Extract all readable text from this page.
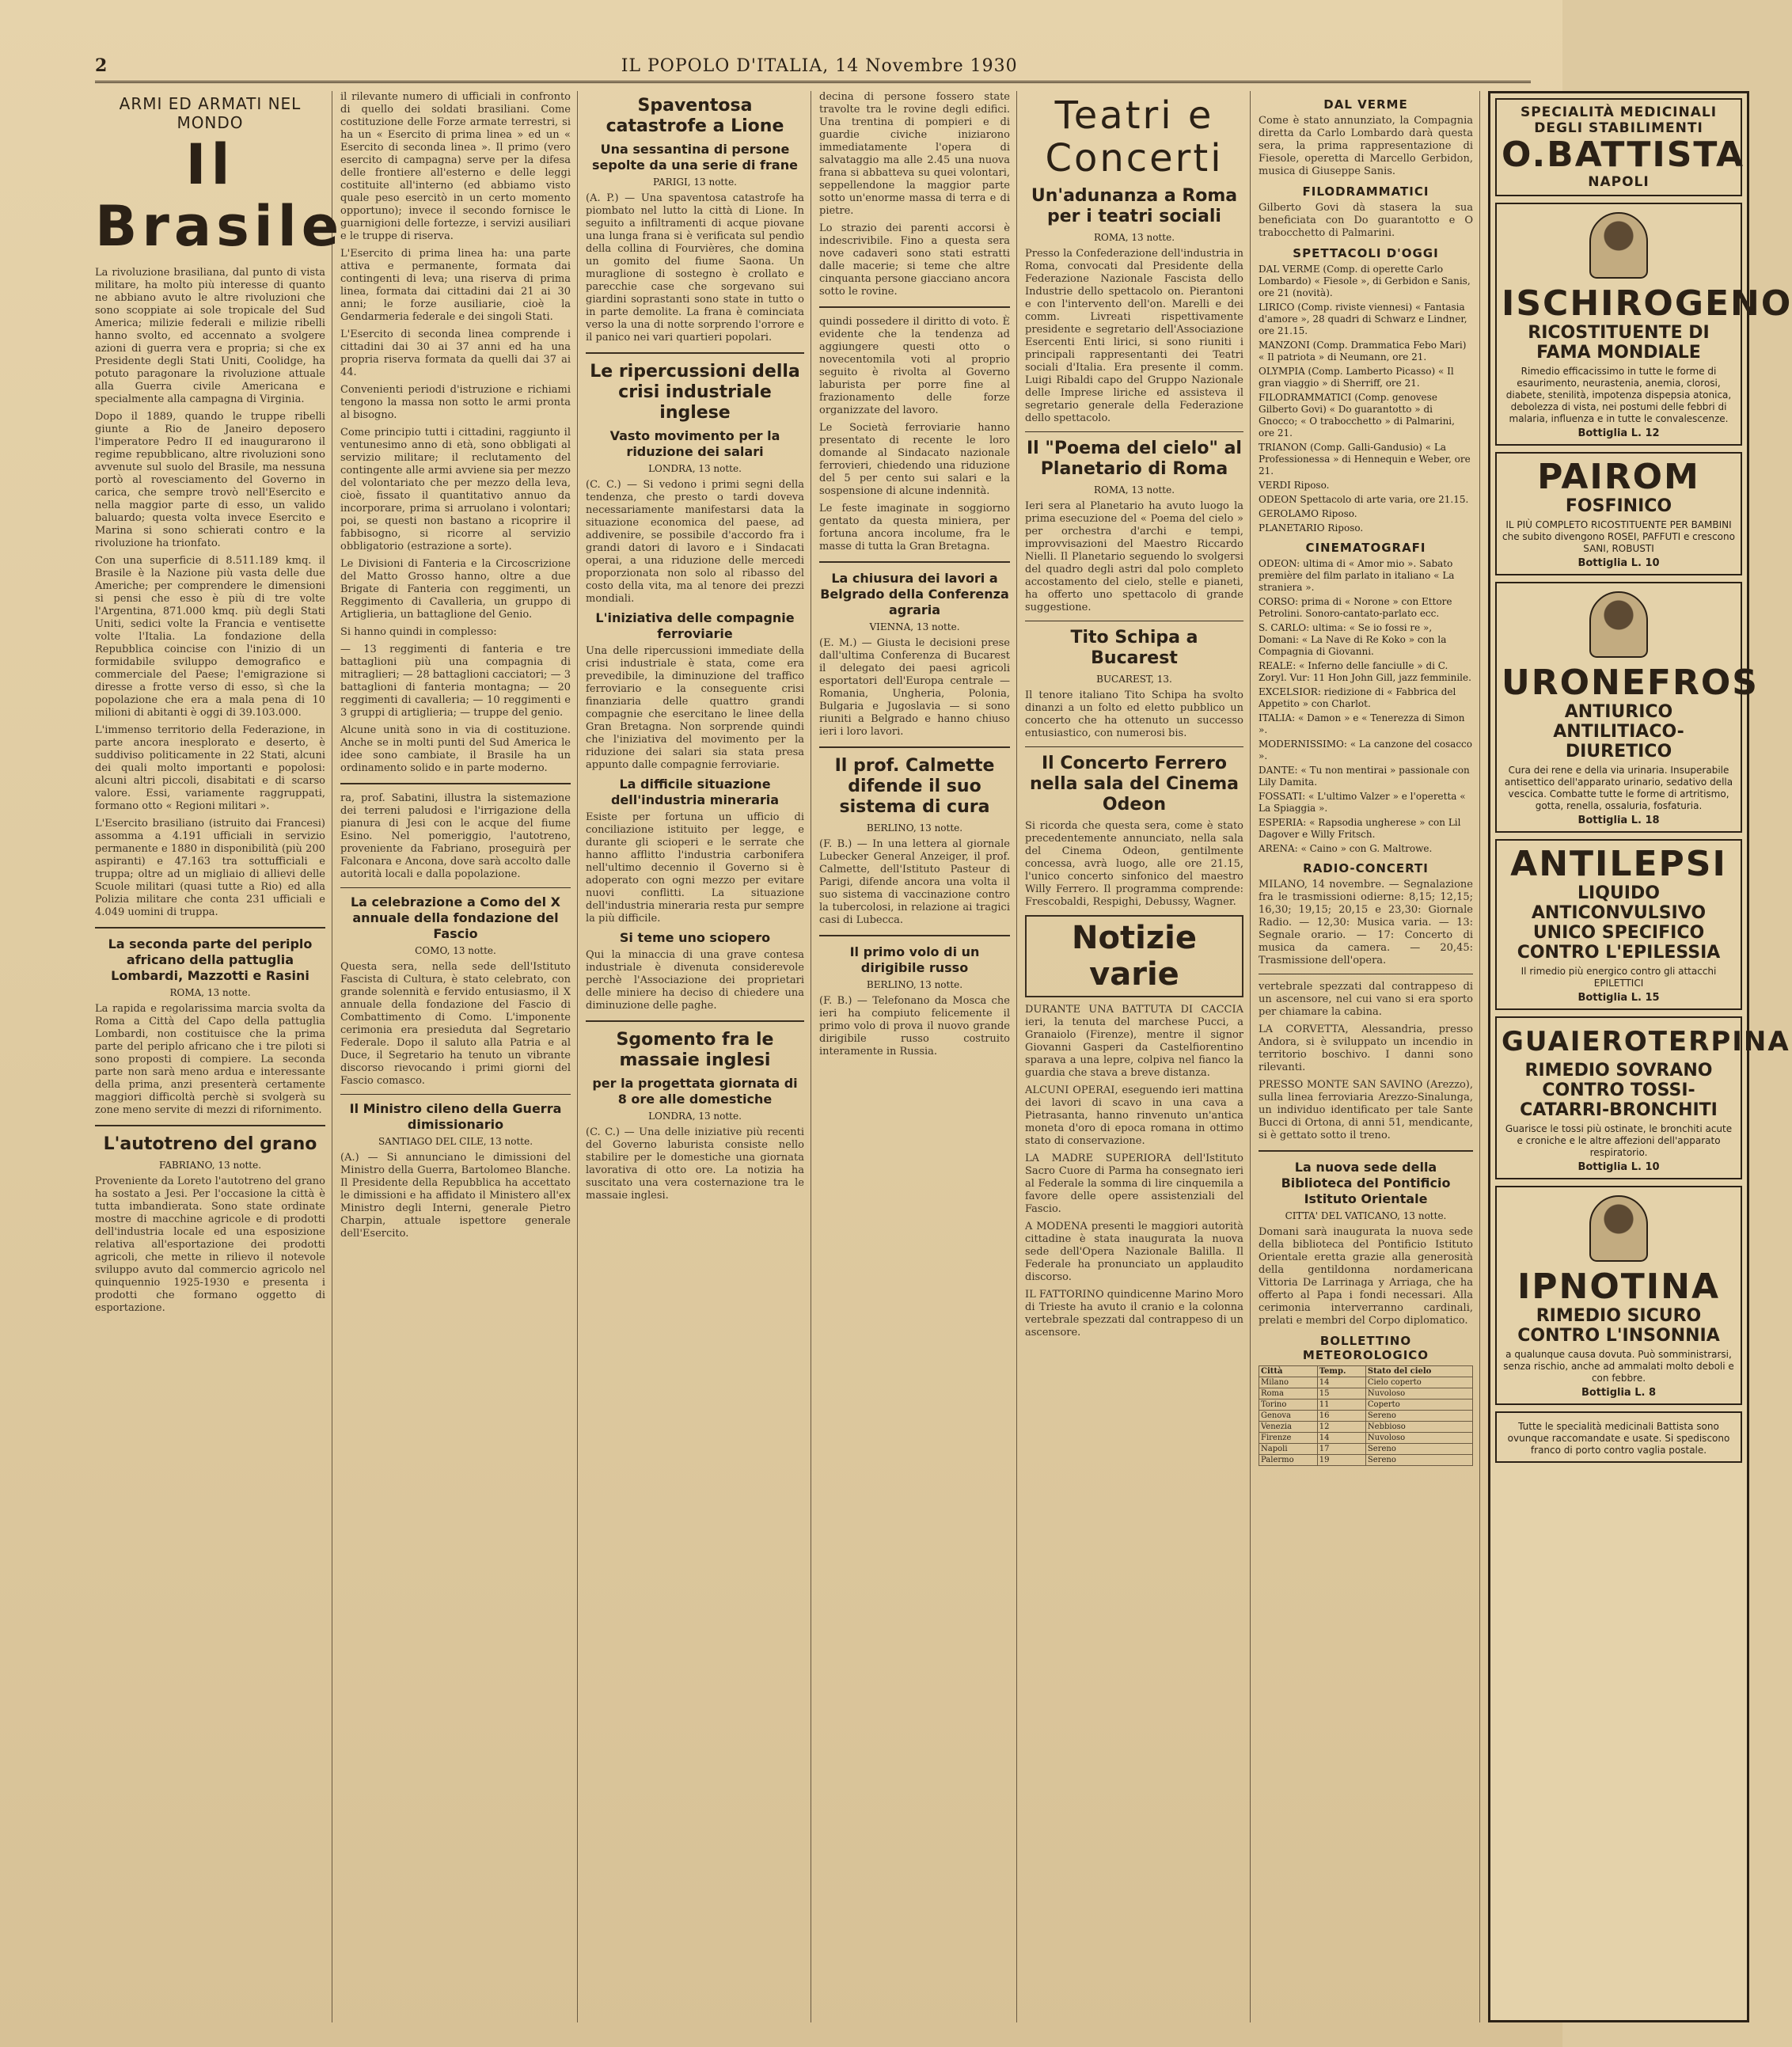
2	IL POPOLO D'ITALIA, 14 Novembre 1930
ARMI ED ARMATI NEL MONDO
Il Brasile

La rivoluzione brasiliana, dal punto di vista militare, ha molto più interesse di quanto ne abbiano avuto le altre rivoluzioni che sono scoppiate ai sole tropicale del Sud America; milizie federali e milizie ribelli hanno svolto, ed accennato a svolgere azioni di guerra vera e propria; si che ex Presidente degli Stati Uniti, Coolidge, ha potuto paragonare la rivoluzione attuale alla Guerra civile Americana e specialmente alla campagna di Virginia.

Dopo il 1889, quando le truppe ribelli giunte a Rio de Janeiro deposero l'imperatore Pedro II ed inaugurarono il regime repubblicano, altre rivoluzioni sono avvenute sul suolo del Brasile, ma nessuna portò al rovesciamento del Governo in carica, che sempre trovò nell'Esercito e nella maggior parte di esso, un valido baluardo; questa volta invece Esercito e Marina si sono schierati contro e la rivoluzione ha trionfato.

Con una superficie di 8.511.189 kmq. il Brasile è la Nazione più vasta delle due Americhe; per comprendere le dimensioni si pensi che esso è più di tre volte l'Argentina, 871.000 kmq. più degli Stati Uniti, sedici volte la Francia e ventisette volte l'Italia. La fondazione della Repubblica coincise con l'inizio di un formidabile sviluppo demografico e commerciale del Paese; l'emigrazione si diresse a frotte verso di esso, sì che la popolazione che era a mala pena di 10 milioni di abitanti è oggi di 39.103.000.

L'immenso territorio della Federazione, in parte ancora inesplorato e deserto, è suddiviso politicamente in 22 Stati, alcuni dei quali molto importanti e popolosi: alcuni altri piccoli, disabitati e di scarso valore. Essi, variamente raggruppati, formano otto « Regioni militari ».

L'Esercito brasiliano (istruito dai Francesi) assomma a 4.191 ufficiali in servizio permanente e 1880 in disponibilità (più 200 aspiranti) e 47.163 tra sottufficiali e truppa; oltre ad un migliaio di allievi delle Scuole militari (quasi tutte a Rio) ed alla Polizia militare che conta 231 ufficiali e 4.049 uomini di truppa.

La seconda parte del periplo africano della pattuglia Lombardi, Mazzotti e Rasini
ROMA, 13 notte.

La rapida e regolarissima marcia svolta da Roma a Città del Capo della pattuglia Lombardi, non costituisce che la prima parte del periplo africano che i tre piloti si sono proposti di compiere. La seconda parte non sarà meno ardua e interessante della prima, anzi presenterà certamente maggiori difficoltà perchè si svolgerà su zone meno servite di mezzi di rifornimento.

L'autotreno del grano
FABRIANO, 13 notte.

Proveniente da Loreto l'autotreno del grano ha sostato a Jesi. Per l'occasione la città è tutta imbandierata. Sono state ordinate mostre di macchine agricole e di prodotti dell'industria locale ed una esposizione relativa all'esportazione dei prodotti agricoli, che mette in rilievo il notevole sviluppo avuto dal commercio agricolo nel quinquennio 1925-1930 e presenta i prodotti che formano oggetto di esportazione.

il rilevante numero di ufficiali in confronto di quello dei soldati brasiliani. Come costituzione delle Forze armate terrestri, si ha un « Esercito di prima linea » ed un « Esercito di seconda linea ». Il primo (vero esercito di campagna) serve per la difesa delle frontiere all'esterno e delle leggi costituite all'interno (ed abbiamo visto quale peso esercitò in un certo momento opportuno); invece il secondo fornisce le guarnigioni delle fortezze, i servizi ausiliari e le truppe di riserva.

L'Esercito di prima linea ha: una parte attiva e permanente, formata dai contingenti di leva; una riserva di prima linea, formata dai cittadini dai 21 ai 30 anni; le forze ausiliarie, cioè la Gendarmeria federale e dei singoli Stati.

L'Esercito di seconda linea comprende i cittadini dai 30 ai 37 anni ed ha una propria riserva formata da quelli dai 37 ai 44.

Convenienti periodi d'istruzione e richiami tengono la massa non sotto le armi pronta al bisogno.

Come principio tutti i cittadini, raggiunto il ventunesimo anno di età, sono obbligati al servizio militare; il reclutamento del contingente alle armi avviene sia per mezzo del volontariato che per mezzo della leva, cioè, fissato il quantitativo annuo da incorporare, prima si arruolano i volontari; poi, se questi non bastano a ricoprire il fabbisogno, si ricorre al servizio obbligatorio (estrazione a sorte).

Le Divisioni di Fanteria e la Circoscrizione del Matto Grosso hanno, oltre a due Brigate di Fanteria con reggimenti, un Reggimento di Cavalleria, un gruppo di Artiglieria, un battaglione del Genio.

Si hanno quindi in complesso:

— 13 reggimenti di fanteria e tre battaglioni più una compagnia di mitraglieri; — 28 battaglioni cacciatori; — 3 battaglioni di fanteria montagna; — 20 reggimenti di cavalleria; — 10 reggimenti e 3 gruppi di artiglieria; — truppe del genio.

Alcune unità sono in via di costituzione. Anche se in molti punti del Sud America le idee sono cambiate, il Brasile ha un ordinamento solido e in parte moderno.

ra, prof. Sabatini, illustra la sistemazione dei terreni paludosi e l'irrigazione della pianura di Jesi con le acque del fiume Esino. Nel pomeriggio, l'autotreno, proveniente da Fabriano, proseguirà per Falconara e Ancona, dove sarà accolto dalle autorità locali e dalla popolazione.

La celebrazione a Como del X annuale della fondazione del Fascio
COMO, 13 notte.

Questa sera, nella sede dell'Istituto Fascista di Cultura, è stato celebrato, con grande solennità e fervido entusiasmo, il X annuale della fondazione del Fascio di Combattimento di Como. L'imponente cerimonia era presieduta dal Segretario Federale. Dopo il saluto alla Patria e al Duce, il Segretario ha tenuto un vibrante discorso rievocando i primi giorni del Fascio comasco.

Il Ministro cileno della Guerra dimissionario
SANTIAGO DEL CILE, 13 notte.

(A.) — Si annunciano le dimissioni del Ministro della Guerra, Bartolomeo Blanche. Il Presidente della Repubblica ha accettato le dimissioni e ha affidato il Ministero all'ex Ministro degli Interni, generale Pietro Charpin, attuale ispettore generale dell'Esercito.

Spaventosa catastrofe a Lione
Una sessantina di persone sepolte da una serie di frane
PARIGI, 13 notte.

(A. P.) — Una spaventosa catastrofe ha piombato nel lutto la città di Lione. In seguito a infiltramenti di acque piovane una lunga frana si è verificata sul pendìo della collina di Fourvières, che domina un gomito del fiume Saona. Un muraglione di sostegno è crollato e parecchie case che sorgevano sui giardini soprastanti sono state in tutto o in parte demolite. La frana è cominciata verso la una di notte sorprendo l'orrore e il panico nei vari quartieri popolari.

Le ripercussioni della crisi industriale inglese
Vasto movimento per la riduzione dei salari
LONDRA, 13 notte.

(C. C.) — Si vedono i primi segni della tendenza, che presto o tardi doveva necessariamente manifestarsi data la situazione economica del paese, ad addivenire, se possibile d'accordo fra i grandi datori di lavoro e i Sindacati operai, a una riduzione delle mercedi proporzionata non solo al ribasso del costo della vita, ma al tenore dei prezzi mondiali.

L'iniziativa delle compagnie ferroviarie

Una delle ripercussioni immediate della crisi industriale è stata, come era prevedibile, la diminuzione del traffico ferroviario e la conseguente crisi finanziaria delle quattro grandi compagnie che esercitano le linee della Gran Bretagna. Non sorprende quindi che l'iniziativa del movimento per la riduzione dei salari sia stata presa appunto dalle compagnie ferroviarie.

La difficile situazione dell'industria mineraria

Esiste per fortuna un ufficio di conciliazione istituito per legge, e durante gli scioperi e le serrate che hanno afflitto l'industria carbonifera nell'ultimo decennio il Governo si è adoperato con ogni mezzo per evitare nuovi conflitti. La situazione dell'industria mineraria resta pur sempre la più difficile.

Si teme uno sciopero

Qui la minaccia di una grave contesa industriale è divenuta considerevole perchè l'Associazione dei proprietari delle miniere ha deciso di chiedere una diminuzione delle paghe.

Sgomento fra le massaie inglesi
per la progettata giornata di 8 ore alle domestiche
LONDRA, 13 notte.

(C. C.) — Una delle iniziative più recenti del Governo laburista consiste nello stabilire per le domestiche una giornata lavorativa di otto ore. La notizia ha suscitato una vera costernazione tra le massaie inglesi.

decina di persone fossero state travolte tra le rovine degli edifici. Una trentina di pompieri e di guardie civiche iniziarono immediatamente l'opera di salvataggio ma alle 2.45 una nuova frana si abbatteva su quei volontari, seppellendone la maggior parte sotto un'enorme massa di terra e di pietre.

Lo strazio dei parenti accorsi è indescrivibile. Fino a questa sera nove cadaveri sono stati estratti dalle macerie; si teme che altre cinquanta persone giacciano ancora sotto le rovine.

quindi possedere il diritto di voto. È evidente che la tendenza ad aggiungere questi otto o novecentomila voti al proprio seguito è rivolta al Governo laburista per porre fine al frazionamento delle forze organizzate del lavoro.

Le Società ferroviarie hanno presentato di recente le loro domande al Sindacato nazionale ferrovieri, chiedendo una riduzione del 5 per cento sui salari e la sospensione di alcune indennità.

Le feste imaginate in soggiorno gentato da questa miniera, per fortuna ancora incolume, fra le masse di tutta la Gran Bretagna.

La chiusura dei lavori a Belgrado della Conferenza agraria
VIENNA, 13 notte.

(E. M.) — Giusta le decisioni prese dall'ultima Conferenza di Bucarest il delegato dei paesi agricoli esportatori dell'Europa centrale — Romania, Ungheria, Polonia, Bulgaria e Jugoslavia — si sono riuniti a Belgrado e hanno chiuso ieri i loro lavori.

Il prof. Calmette difende il suo sistema di cura
BERLINO, 13 notte.

(F. B.) — In una lettera al giornale Lubecker General Anzeiger, il prof. Calmette, dell'Istituto Pasteur di Parigi, difende ancora una volta il suo sistema di vaccinazione contro la tubercolosi, in relazione ai tragici casi di Lubecca.

Il primo volo di un dirigibile russo
BERLINO, 13 notte.

(F. B.) — Telefonano da Mosca che ieri ha compiuto felicemente il primo volo di prova il nuovo grande dirigibile russo costruito interamente in Russia.

Teatri e Concerti
Un'adunanza a Roma per i teatri sociali
ROMA, 13 notte.

Presso la Confederazione dell'industria in Roma, convocati dal Presidente della Federazione Nazionale Fascista dello Industrie dello spettacolo on. Pierantoni e con l'intervento dell'on. Marelli e dei comm. Livreati rispettivamente presidente e segretario dell'Associazione Esercenti Enti lirici, si sono riuniti i principali rappresentanti dei Teatri sociali d'Italia. Era presente il comm. Luigi Ribaldi capo del Gruppo Nazionale delle Imprese liriche ed assisteva il segretario generale della Federazione dello spettacolo.

Il "Poema del cielo" al Planetario di Roma
ROMA, 13 notte.

Ieri sera al Planetario ha avuto luogo la prima esecuzione del « Poema del cielo » per orchestra d'archi e tempi, improvvisazioni del Maestro Riccardo Nielli. Il Planetario seguendo lo svolgersi del quadro degli astri dal polo completo accostamento del cielo, stelle e pianeti, ha offerto uno spettacolo di grande suggestione.

Tito Schipa a Bucarest
BUCAREST, 13.

Il tenore italiano Tito Schipa ha svolto dinanzi a un folto ed eletto pubblico un concerto che ha ottenuto un successo entusiastico, con numerosi bis.

Il Concerto Ferrero nella sala del Cinema Odeon

Si ricorda che questa sera, come è stato precedentemente annunciato, nella sala del Cinema Odeon, gentilmente concessa, avrà luogo, alle ore 21.15, l'unico concerto sinfonico del maestro Willy Ferrero. Il programma comprende: Frescobaldi, Respighi, Debussy, Wagner.

Notizie varie

DURANTE UNA BATTUTA DI CACCIA ieri, la tenuta del marchese Pucci, a Granaiolo (Firenze), mentre il signor Giovanni Gasperi da Castelfiorentino sparava a una lepre, colpiva nel fianco la guardia che stava a breve distanza.

ALCUNI OPERAI, eseguendo ieri mattina dei lavori di scavo in una cava a Pietrasanta, hanno rinvenuto un'antica moneta d'oro di epoca romana in ottimo stato di conservazione.

LA MADRE SUPERIORA dell'Istituto Sacro Cuore di Parma ha consegnato ieri al Federale la somma di lire cinquemila a favore delle opere assistenziali del Fascio.

A MODENA presenti le maggiori autorità cittadine è stata inaugurata la nuova sede dell'Opera Nazionale Balilla. Il Federale ha pronunciato un applaudito discorso.

IL FATTORINO quindicenne Marino Moro di Trieste ha avuto il cranio e la colonna vertebrale spezzati dal contrappeso di un ascensore.

DAL VERME

Come è stato annunziato, la Compagnia diretta da Carlo Lombardo darà questa sera, la prima rappresentazione di Fiesole, operetta di Marcello Gerbidon, musica di Giuseppe Sanis.

FILODRAMMATICI

Gilberto Govi dà stasera la sua beneficiata con Do guarantotto e O trabocchetto di Palmarini.

SPETTACOLI D'OGGI
DAL VERME (Comp. di operette Carlo Lombardo) « Fiesole », di Gerbidon e Sanis, ore 21 (novità).
LIRICO (Comp. riviste viennesi) « Fantasia d'amore », 28 quadri di Schwarz e Lindner, ore 21.15.
MANZONI (Comp. Drammatica Febo Mari) « Il patriota » di Neumann, ore 21.
OLYMPIA (Comp. Lamberto Picasso) « Il gran viaggio » di Sherriff, ore 21.
FILODRAMMATICI (Comp. genovese Gilberto Govi) « Do guarantotto » di Gnocco; « O trabocchetto » di Palmarini, ore 21.
TRIANON (Comp. Galli-Gandusio) « La Professionessa » di Hennequin e Weber, ore 21.
VERDI Riposo.
ODEON Spettacolo di arte varia, ore 21.15.
GEROLAMO Riposo.
PLANETARIO Riposo.
CINEMATOGRAFI
ODEON: ultima di « Amor mio ». Sabato première del film parlato in italiano « La straniera ».
CORSO: prima di « Norone » con Ettore Petrolini. Sonoro-cantato-parlato ecc.
S. CARLO: ultima: « Se io fossi re », Domani: « La Nave di Re Koko » con la Compagnia di Giovanni.
REALE: « Inferno delle fanciulle » di C. Zoryl. Vur: 11 Hon John Gill, jazz femminile.
EXCELSIOR: riedizione di « Fabbrica del Appetito » con Charlot.
ITALIA: « Damon » e « Tenerezza di Simon ».
MODERNISSIMO: « La canzone del cosacco ».
DANTE: « Tu non mentirai » passionale con Lily Damita.
FOSSATI: « L'ultimo Valzer » e l'operetta « La Spiaggia ».
ESPERIA: « Rapsodia ungherese » con Lil Dagover e Willy Fritsch.
ARENA: « Caino » con G. Maltrowe.
RADIO-CONCERTI

MILANO, 14 novembre. — Segnalazione fra le trasmissioni odierne: 8,15; 12,15; 16,30; 19,15; 20,15 e 23,30: Giornale Radio. — 12,30: Musica varia. — 13: Segnale orario. — 17: Concerto di musica da camera. — 20,45: Trasmissione dell'opera.

vertebrale spezzati dal contrappeso di un ascensore, nel cui vano si era sporto per chiamare la cabina.

LA CORVETTA, Alessandria, presso Andora, si è sviluppato un incendio in territorio boschivo. I danni sono rilevanti.

PRESSO MONTE SAN SAVINO (Arezzo), sulla linea ferroviaria Arezzo-Sinalunga, un individuo identificato per tale Sante Bucci di Ortona, di anni 51, mendicante, si è gettato sotto il treno.

La nuova sede della Biblioteca del Pontificio Istituto Orientale
CITTA' DEL VATICANO, 13 notte.

Domani sarà inaugurata la nuova sede della biblioteca del Pontificio Istituto Orientale eretta grazie alla generosità della gentildonna nordamericana Vittoria De Larrinaga y Arriaga, che ha offerto al Papa i fondi necessari. Alla cerimonia interverranno cardinali, prelati e membri del Corpo diplomatico.

BOLLETTINO METEOROLOGICO
Città	Temp.	Stato del cielo
Milano	14	Cielo coperto
Roma	15	Nuvoloso
Torino	11	Coperto
Genova	16	Sereno
Venezia	12	Nebbioso
Firenze	14	Nuvoloso
Napoli	17	Sereno
Palermo	19	Sereno
SPECIALITÀ MEDICINALI
DEGLI STABILIMENTI
O.BATTISTA
NAPOLI
ISCHIROGENO
RICOSTITUENTE DI FAMA MONDIALE
Rimedio efficacissimo in tutte le forme di esaurimento, neurastenia, anemia, clorosi, diabete, stenilità, impotenza dispepsia atonica, debolezza di vista, nei postumi delle febbri di malaria, influenza e in tutte le convalescenze.
Bottiglia L. 12
PAIROM
FOSFINICO
IL PIÙ COMPLETO RICOSTITUENTE PER BAMBINI che subito divengono ROSEI, PAFFUTI e crescono SANI, ROBUSTI
Bottiglia L. 10
URONEFROS
ANTIURICO ANTILITIACO-DIURETICO
Cura dei rene e della via urinaria. Insuperabile antisettico dell'apparato urinario, sedativo della vescica. Combatte tutte le forme di artritismo, gotta, renella, ossaluria, fosfaturia.
Bottiglia L. 18
ANTILEPSI
LIQUIDO ANTICONVULSIVO UNICO SPECIFICO CONTRO L'EPILESSIA
Il rimedio più energico contro gli attacchi EPILETTICI
Bottiglia L. 15
GUAIEROTERPINA
RIMEDIO SOVRANO CONTRO TOSSI-CATARRI-BRONCHITI
Guarisce le tossi più ostinate, le bronchiti acute e croniche e le altre affezioni dell'apparato respiratorio.
Bottiglia L. 10
IPNOTINA
RIMEDIO SICURO CONTRO L'INSONNIA
a qualunque causa dovuta. Può somministrarsi, senza rischio, anche ad ammalati molto deboli e con febbre.
Bottiglia L. 8
Tutte le specialità medicinali Battista sono ovunque raccomandate e usate. Si spediscono franco di porto contro vaglia postale.
